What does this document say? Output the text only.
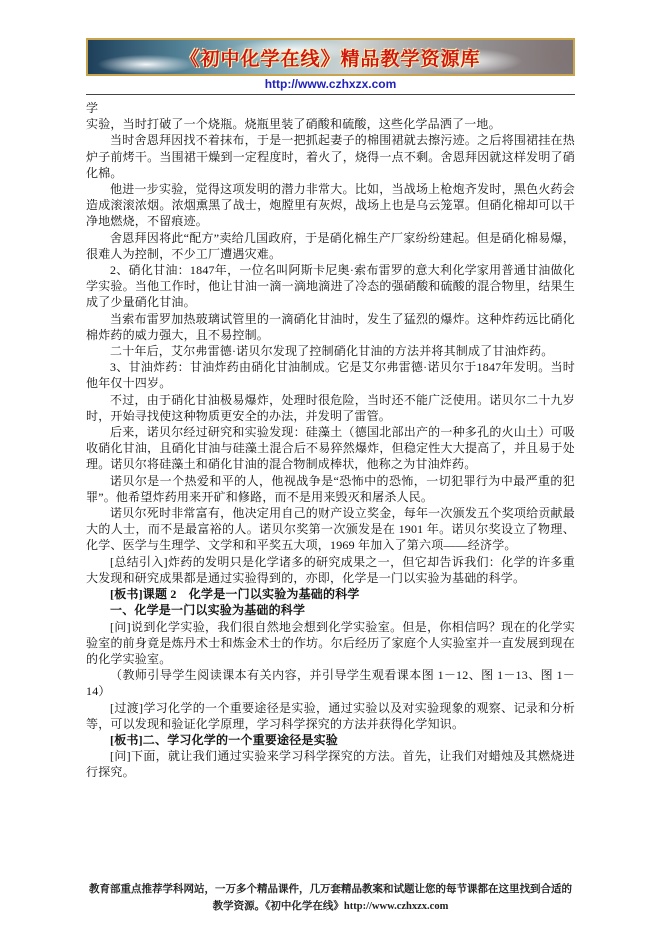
《初中化学在线》精品教学资源库
http://www.czhxzx.com

学

实验，当时打破了一个烧瓶。烧瓶里装了硝酸和硫酸，这些化学品洒了一地。

当时舍恩拜因找不着抹布，于是一把抓起妻子的棉围裙就去擦污迹。之后将围裙挂在热炉子前烤干。当围裙干燥到一定程度时，着火了，烧得一点不剩。舍恩拜因就这样发明了硝化棉。

他进一步实验，觉得这项发明的潜力非常大。比如，当战场上枪炮齐发时，黑色火药会造成滚滚浓烟。浓烟熏黑了战士，炮膛里有灰烬，战场上也是乌云笼罩。但硝化棉却可以干净地燃烧，不留痕迹。

舍恩拜因将此“配方”卖给几国政府，于是硝化棉生产厂家纷纷建起。但是硝化棉易爆，很难人为控制，不少工厂遭遇灾难。

2、硝化甘油：1847年，一位名叫阿斯卡尼奥·索布雷罗的意大利化学家用普通甘油做化学实验。当他工作时，他让甘油一滴一滴地滴进了冷态的强硝酸和硫酸的混合物里，结果生成了少量硝化甘油。

当索布雷罗加热玻璃试管里的一滴硝化甘油时，发生了猛烈的爆炸。这种炸药远比硝化棉炸药的威力强大，且不易控制。

二十年后，艾尔弗雷德·诺贝尔发现了控制硝化甘油的方法并将其制成了甘油炸药。

3、甘油炸药：甘油炸药由硝化甘油制成。它是艾尔弗雷德·诺贝尔于1847年发明。当时他年仅十四岁。

不过，由于硝化甘油极易爆炸，处理时很危险，当时还不能广泛使用。诺贝尔二十九岁时，开始寻找使这种物质更安全的办法，并发明了雷管。

后来，诺贝尔经过研究和实验发现：硅藻土（德国北部出产的一种多孔的火山土）可吸收硝化甘油，且硝化甘油与硅藻土混合后不易猝然爆炸，但稳定性大大提高了，并且易于处理。诺贝尔将硅藻土和硝化甘油的混合物制成棒状，他称之为甘油炸药。

诺贝尔是一个热爱和平的人，他视战争是“恐怖中的恐怖，一切犯罪行为中最严重的犯罪”。他希望炸药用来开矿和修路，而不是用来毁灭和屠杀人民。

诺贝尔死时非常富有，他决定用自己的财产设立奖金，每年一次颁发五个奖项给贡献最大的人士，而不是最富裕的人。诺贝尔奖第一次颁发是在 1901 年。诺贝尔奖设立了物理、化学、医学与生理学、文学和和平奖五大项，1969 年加入了第六项——经济学。

[总结引入]炸药的发明只是化学诸多的研究成果之一，但它却告诉我们：化学的许多重大发现和研究成果都是通过实验得到的，亦即，化学是一门以实验为基础的科学。

[板书]课题 2　化学是一门以实验为基础的科学

一、化学是一门以实验为基础的科学

[问]说到化学实验，我们很自然地会想到化学实验室。但是，你相信吗？现在的化学实验室的前身竟是炼丹术士和炼金术士的作坊。尔后经历了家庭个人实验室并一直发展到现在的化学实验室。

（教师引导学生阅读课本有关内容，并引导学生观看课本图 1－12、图 1－13、图 1－14）

[过渡]学习化学的一个重要途径是实验，通过实验以及对实验现象的观察、记录和分析等，可以发现和验证化学原理，学习科学探究的方法并获得化学知识。

[板书]二、学习化学的一个重要途径是实验

[问]下面，就让我们通过实验来学习科学探究的方法。首先，让我们对蜡烛及其燃烧进行探究。

教育部重点推荐学科网站，一万多个精品课件，几万套精品教案和试题让您的每节课都在这里找到合适的
教学资源。《初中化学在线》http://www.czhxzx.com
